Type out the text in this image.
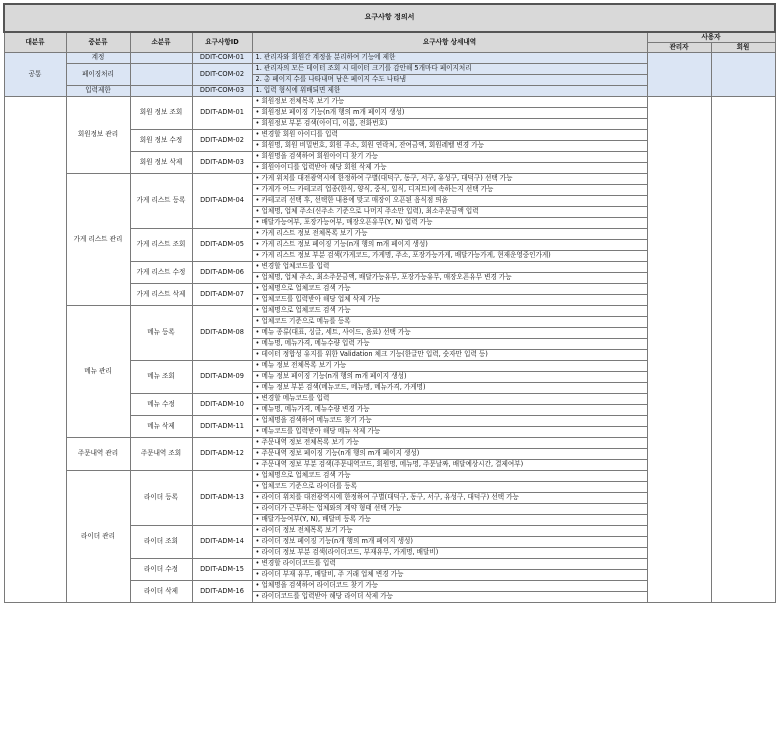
요구사항 정의서						
대분류	중분류	소분류	요구사항ID	요구사항 상세내역	사용자	
					관리자	회원
공통	계정		DDIT-COM-01	1. 관리자와 회원간 계정을 분리하여 기능에 제한		
	페이징처리		DDIT-COM-02	1. 관리자의 모든 데이터 조회 시 데이터 크기를 감안해 5개마다 페이지처리		
				2. 총 페이지 수를 나타내며 남은 페이지 수도 나타냄		
	입력제한		DDIT-COM-03	1. 입력 형식에 위배되면 제한		
	회원정보 관리	회원 정보 조회	DDIT-ADM-01	• 회원정보 전체목록 보기 가능		
				• 회원정보 페이징 기능(n개 행의 m개 페이지 생성)		
				• 회원정보 부분 검색(아이디, 이름, 전화번호)		
		회원 정보 수정	DDIT-ADM-02	• 변경할 회원 아이디를 입력		
				• 회원명, 회원 비밀번호, 회원 주소, 회원 연락처, 잔여금액, 회원레벨 변경 가능		
		회원 정보 삭제	DDIT-ADM-03	• 회원명을 검색하여 회원아이디 찾기 가능		
				• 회원아이디를 입력받아 해당 회원 삭제 가능		
	가게 리스트 관리	가게 리스트 등록	DDIT-ADM-04	• 가게 위치를 대전광역시에 한정하여 구별(대덕구, 동구, 서구, 유성구, 대덕구) 선택 가능		
				• 가게가 어느 카테고리 업종(한식, 양식, 중식, 일식, 디저트)에 속하는지 선택 가능		
				• 카테고리 선택 후, 선택한 내용에 맞고 매장이 오픈된 음식점 띄움		
				• 업체명, 업체 주소(신주소 기준으로 나머지 주소만 입력), 최소주문금액 입력		
				• 배달가능여부, 포장가능여부, 매장오픈유무(Y, N) 입력 가능		
		가게 리스트 조회	DDIT-ADM-05	• 가게 리스트 정보 전체목록 보기 가능		
				• 가게 리스트 정보 페이징 기능(n개 행의 m개 페이지 생성)		
				• 가게 리스트 정보 부분 검색(가게코드, 가게명, 주소, 포장가능가게, 배달가능가게, 현재운영중인가게)		
		가게 리스트 수정	DDIT-ADM-06	• 변경할 업체코드를 입력		
				• 업체명, 업체 주소, 최소주문금액, 배달가능유무, 포장가능유무, 매장오픈유무 변경 가능		
		가게 리스트 삭제	DDIT-ADM-07	• 업체명으로 업체코드 검색 가능		
				• 업체코드를 입력받아 해당 업체 삭제 가능		
	메뉴 관리	메뉴 등록	DDIT-ADM-08	• 업체명으로 업체코드 검색 가능		
				• 업체코드 기준으로 메뉴를 등록		
				• 메뉴 종류(대표, 싱글, 세트, 사이드, 음료) 선택 가능		
				• 메뉴명, 메뉴가격, 메뉴수량 입력 가능		
				• 데이터 정합성 유지를 위한 Validation 체크 기능(한글만 입력, 숫자만 입력 등)		
		메뉴 조회	DDIT-ADM-09	• 메뉴 정보 전체목록 보기 가능		
				• 메뉴 정보 페이징 기능(n개 행의 m개 페이지 생성)		
				• 메뉴 정보 부분 검색(메뉴코드, 메뉴명, 메뉴가격, 가게명)		
		메뉴 수정	DDIT-ADM-10	• 변경할 메뉴코드를 입력		
				• 메뉴명, 메뉴가격, 메뉴수량 변경 가능		
		메뉴 삭제	DDIT-ADM-11	• 업체명을 검색하여 메뉴코드 찾기 가능		
				• 메뉴코드를 입력받아 해당 메뉴 삭제 가능		
	주문내역 관리	주문내역 조회	DDIT-ADM-12	• 주문내역 정보 전체목록 보기 가능		
				• 주문내역 정보 페이징 기능(n개 행의 m개 페이지 생성)		
				• 주문내역 정보 부분 검색(주문내역코드, 회원명, 메뉴명, 주문날짜, 배달예상시간, 결제여부)		
	라이더 관리	라이더 등록	DDIT-ADM-13	• 업체명으로 업체코드 검색 가능		
				• 업체코드 기준으로 라이더를 등록		
				• 라이더 위치를 대전광역시에 한정하여 구별(대덕구, 동구, 서구, 유성구, 대덕구) 선택 가능		
				• 라이더가 근무하는 업체와의 계약 형태 선택 가능		
				• 배달가능여부(Y, N), 배달비 등록 가능		
		라이더 조회	DDIT-ADM-14	• 라이더 정보 전체목록 보기 가능		
				• 라이더 정보 페이징 기능(n개 행의 m개 페이지 생성)		
				• 라이더 정보 부분 검색(라이더코드, 부재유무, 가게명, 배달비)		
		라이더 수정	DDIT-ADM-15	• 변경할 라이더코드를 입력		
				• 라이더 부재 유무, 배달비, 주 거래 업체 변경 가능		
		라이더 삭제	DDIT-ADM-16	• 업체명을 검색하여 라이더코드 찾기 가능		
				• 라이더코드를 입력받아 해당 라이더 삭제 가능		
